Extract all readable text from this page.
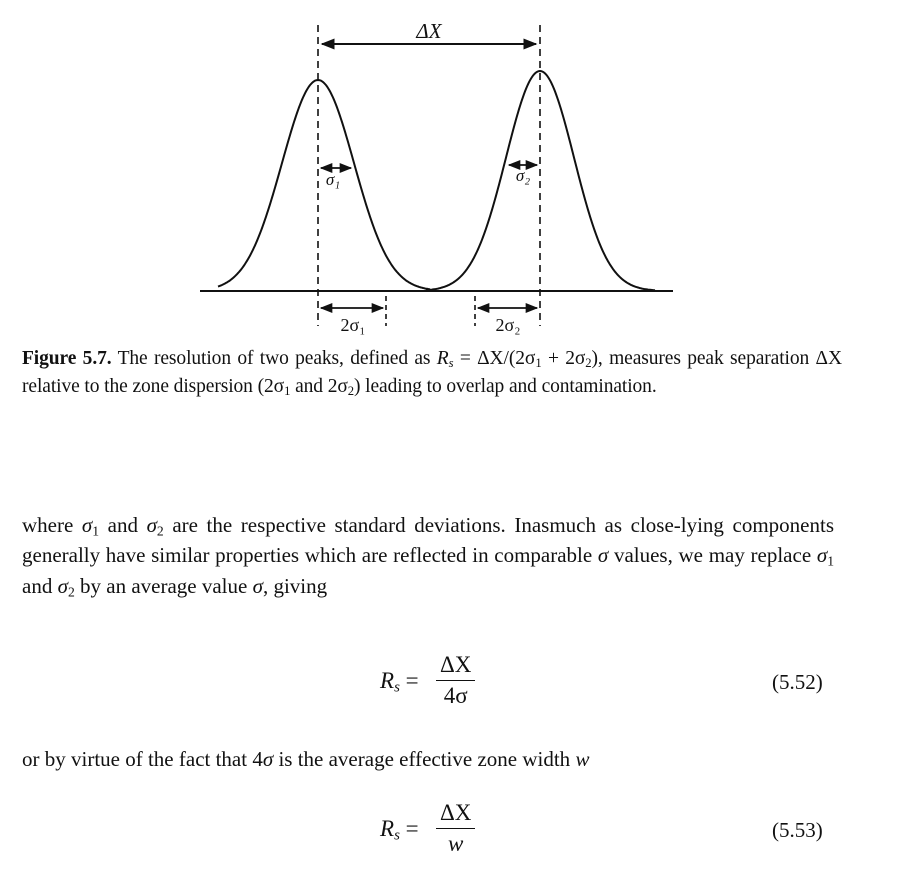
ΔX
σ₁	σ₂
2σ₁	2σ₂
Figure 5.7. The resolution of two peaks, defined as $R_s = \Delta X/(2\sigma_1 + 2\sigma_2)$, measures peak separation ΔX relative to the zone dispersion ($2\sigma_1$ and $2\sigma_2$) leading to overlap and contamination.
where $\sigma_1$ and $\sigma_2$ are the respective standard deviations. Inasmuch as close-lying components generally have similar properties which are reflected in comparable σ values, we may replace $\sigma_1$ and $\sigma_2$ by an average value σ, giving
$R_s = \frac{\Delta X}{4\sigma}$	(5.52)
or by virtue of the fact that 4σ is the average effective zone width w
$R_s = \frac{\Delta X}{w}$	(5.53)
